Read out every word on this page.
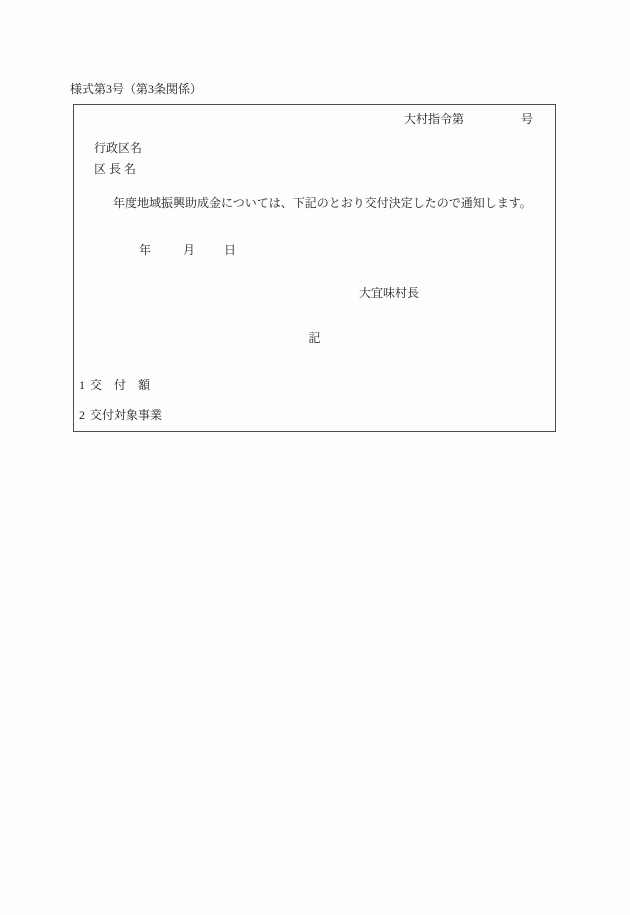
様式第3号（第3条関係）
大村指令第	号
行政区名
区 長 名
年度地域振興助成金については、下記のとおり交付決定したので通知します。
年	月 日
大宜味村長
記
1 交　付　額
2 交付対象事業
